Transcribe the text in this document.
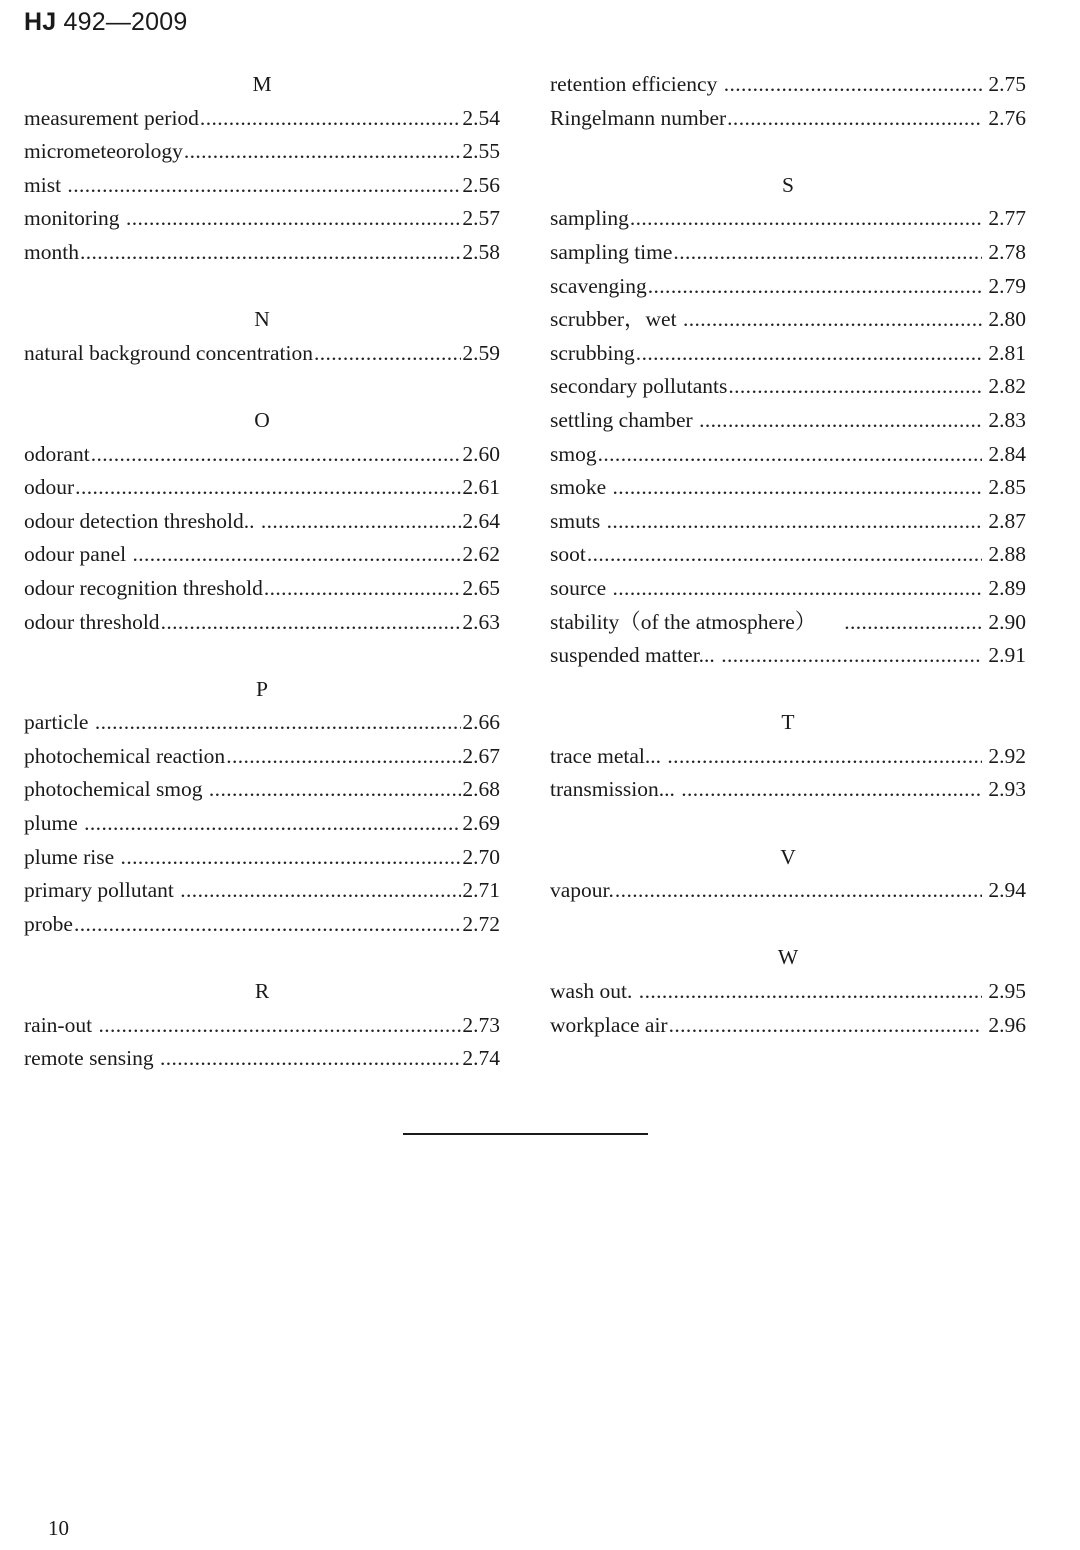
HJ 492—2009
M
measurement period .....	2.54
micrometeorology .....	2.55
mist .....	2.56
monitoring .....	2.57
month .....	2.58
N
natural background concentration .....	2.59
O
odorant .....	2.60
odour .....	2.61
odour detection threshold.. .....	2.64
odour panel .....	2.62
odour recognition threshold .....	2.65
odour threshold .....	2.63
P
particle .....	2.66
photochemical reaction .....	2.67
photochemical smog .....	2.68
plume .....	2.69
plume rise .....	2.70
primary pollutant .....	2.71
probe .....	2.72
R
rain-out .....	2.73
remote sensing .....	2.74
retention efficiency .....	2.75
Ringelmann number .....	2.76
S
sampling .....	2.77
sampling time .....	2.78
scavenging .....	2.79
scrubber，wet .....	2.80
scrubbing .....	2.81
secondary pollutants .....	2.82
settling chamber .....	2.83
smog .....	2.84
smoke .....	2.85
smuts .....	2.87
soot .....	2.88
source .....	2.89
stability（of the atmosphere） .....	2.90
suspended matter... .....	2.91
T
trace metal... .....	2.92
transmission... .....	2.93
V
vapour. .....	2.94
W
wash out. .....	2.95
workplace air .....	2.96
10
